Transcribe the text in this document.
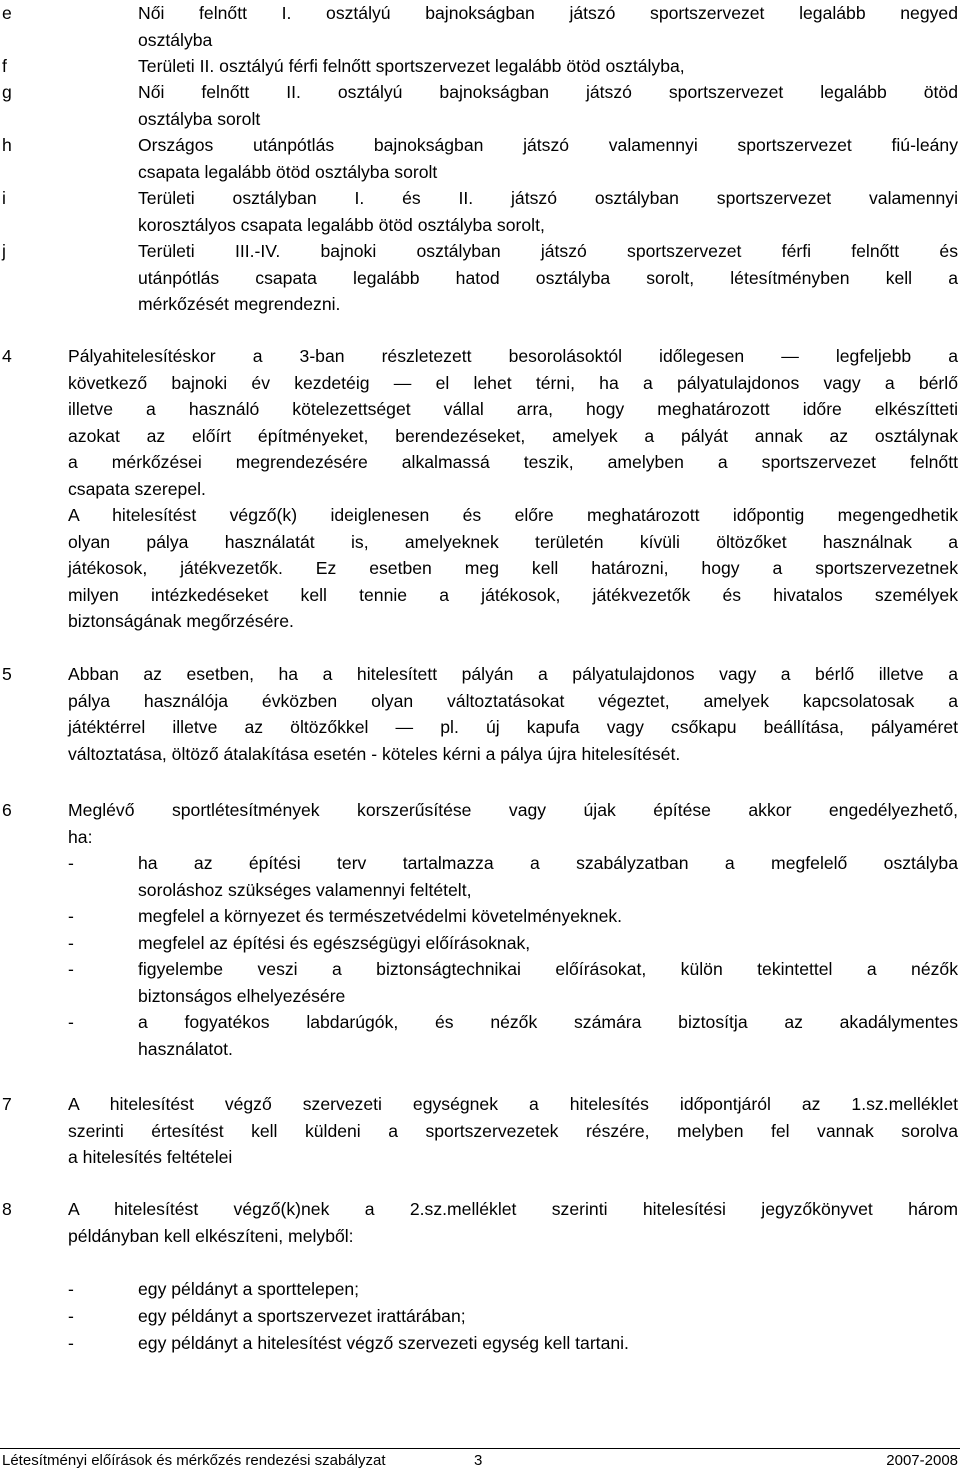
e	Női felnőtt I. osztályú bajnokságban játszó sportszervezet legalább negyed
osztályba
f	Területi II. osztályú férfi felnőtt sportszervezet legalább ötöd osztályba,
g	Női felnőtt II. osztályú bajnokságban játszó sportszervezet legalább ötöd
osztályba sorolt
h	Országos utánpótlás bajnokságban játszó valamennyi sportszervezet fiú-leány
csapata legalább ötöd osztályba sorolt
i	Területi osztályban I. és II. játszó osztályban sportszervezet valamennyi
korosztályos csapata legalább ötöd osztályba sorolt,
j	Területi III.-IV. bajnoki osztályban játszó sportszervezet férfi felnőtt és
utánpótlás csapata legalább hatod osztályba sorolt, létesítményben kell a
mérkőzését megrendezni.
4	Pályahitelesítéskor a 3-ban részletezett besorolásoktól időlegesen — legfeljebb a
következő bajnoki év kezdetéig — el lehet térni, ha a pályatulajdonos vagy a bérlő
illetve a használó kötelezettséget vállal arra, hogy meghatározott időre elkészítteti
azokat az előírt építményeket, berendezéseket, amelyek a pályát annak az osztálynak
a mérkőzései megrendezésére alkalmassá teszik, amelyben a sportszervezet felnőtt
csapata szerepel.
A hitelesítést végző(k) ideiglenesen és előre meghatározott időpontig megengedhetik
olyan pálya használatát is, amelyeknek területén kívüli öltözőket használnak a
játékosok, játékvezetők. Ez esetben meg kell határozni, hogy a sportszervezetnek
milyen intézkedéseket kell tennie a játékosok, játékvezetők és hivatalos személyek
biztonságának megőrzésére.
5	Abban az esetben, ha a hitelesített pályán a pályatulajdonos vagy a bérlő illetve a
pálya használója évközben olyan változtatásokat végeztet, amelyek kapcsolatosak a
játéktérrel illetve az öltözőkkel — pl. új kapufa vagy csőkapu beállítása, pályaméret
változtatása, öltöző átalakítása esetén - köteles kérni a pálya újra hitelesítését.
6	Meglévő sportlétesítmények korszerűsítése vagy újak építése akkor engedélyezhető,
ha:
-	ha az építési terv tartalmazza a szabályzatban a megfelelő osztályba
soroláshoz szükséges valamennyi feltételt,
-	megfelel a környezet és természetvédelmi követelményeknek.
-	megfelel az építési és egészségügyi előírásoknak,
-	figyelembe veszi a biztonságtechnikai előírásokat, külön tekintettel a nézők
biztonságos elhelyezésére
-	a fogyatékos labdarúgók, és nézők számára biztosítja az akadálymentes
használatot.
7	A hitelesítést végző szervezeti egységnek a hitelesítés időpontjáról az 1.sz.melléklet
szerinti értesítést kell küldeni a sportszervezetek részére, melyben fel vannak sorolva
a hitelesítés feltételei
8	A hitelesítést végző(k)nek a 2.sz.melléklet szerinti hitelesítési jegyzőkönyvet három
példányban kell elkészíteni, melyből:
-	egy példányt a sporttelepen;
-	egy példányt a sportszervezet irattárában;
-	egy példányt a hitelesítést végző szervezeti egység kell tartani.
Létesítményi előírások és mérkőzés rendezési szabályzat	3	2007-2008
